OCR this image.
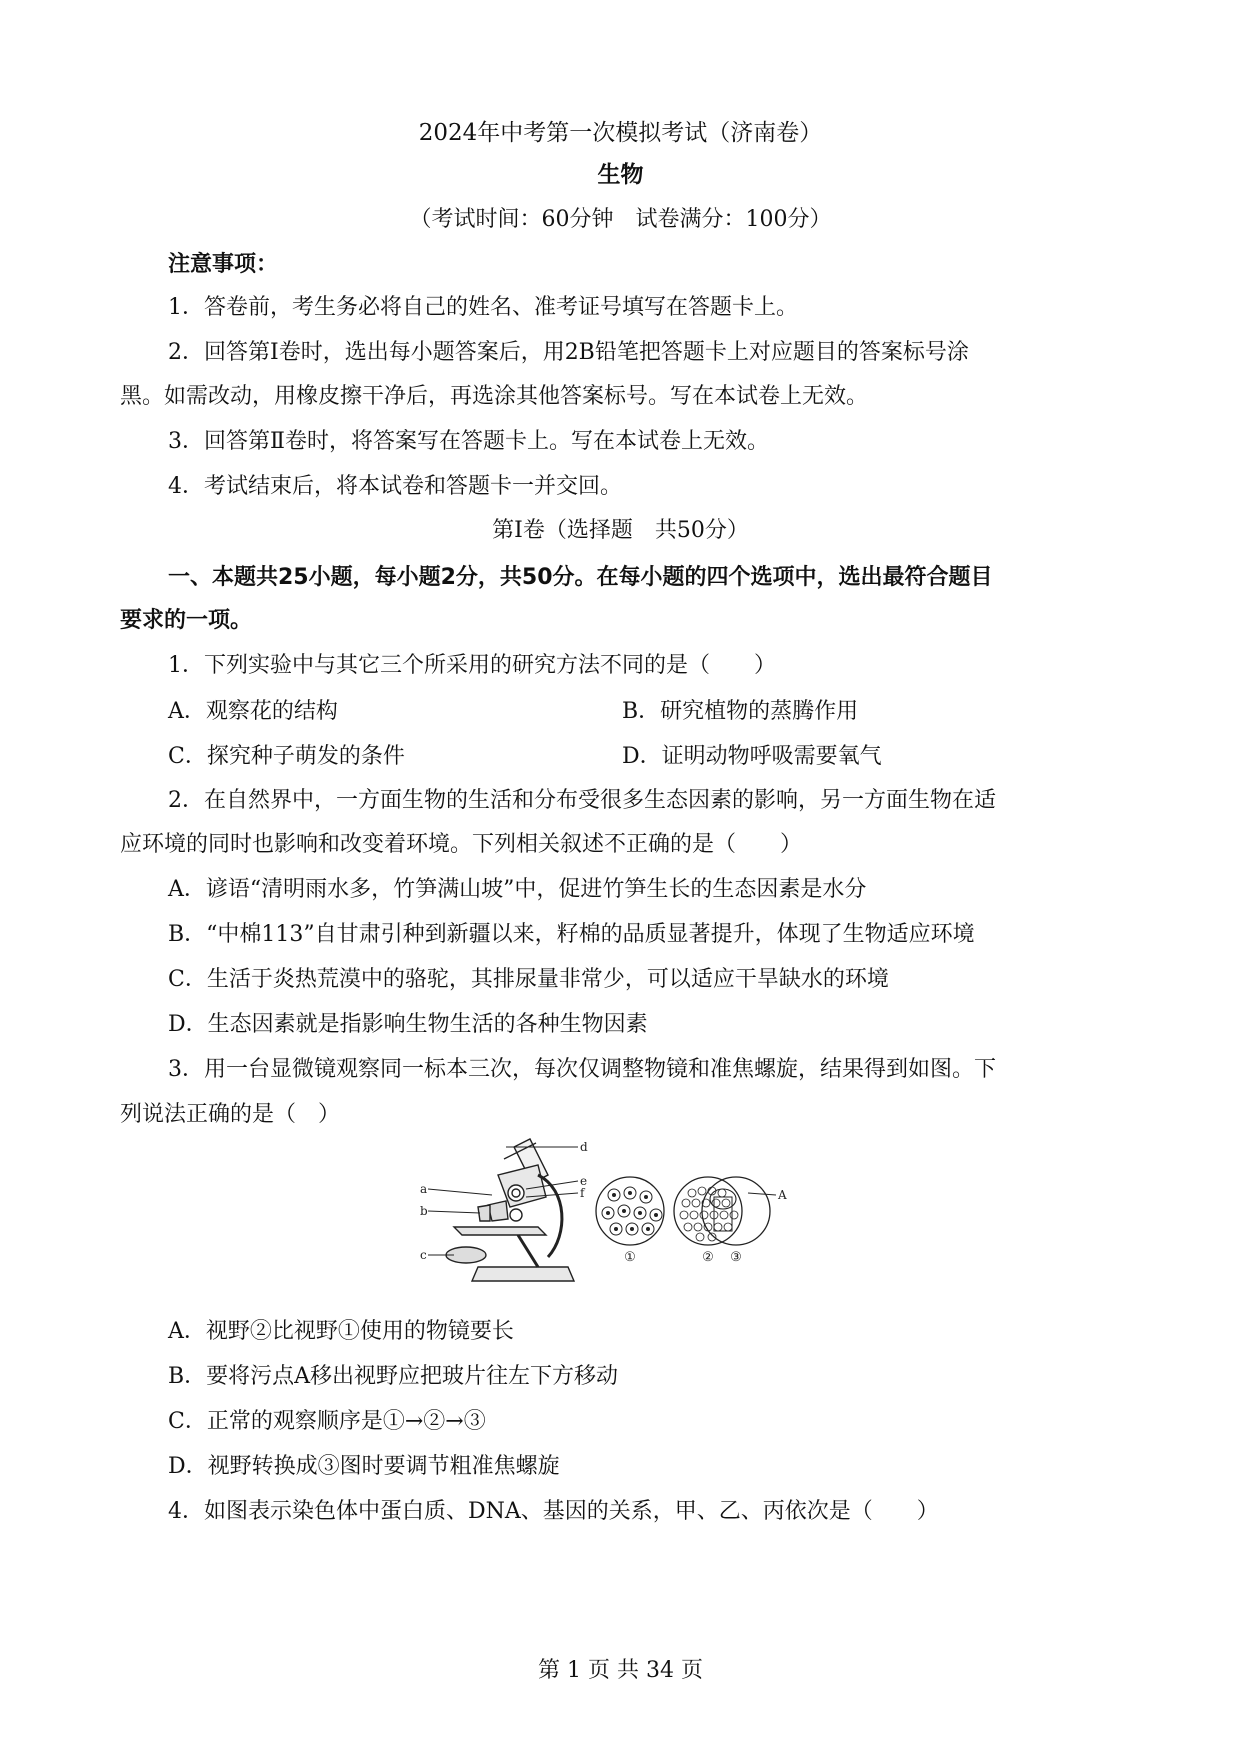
2024年中考第一次模拟考试（济南卷）
生物
（考试时间：60分钟　试卷满分：100分）
注意事项：
1．答卷前，考生务必将自己的姓名、准考证号填写在答题卡上。
2．回答第Ⅰ卷时，选出每小题答案后，用2B铅笔把答题卡上对应题目的答案标号涂
黑。如需改动，用橡皮擦干净后，再选涂其他答案标号。写在本试卷上无效。
3．回答第Ⅱ卷时，将答案写在答题卡上。写在本试卷上无效。
4．考试结束后，将本试卷和答题卡一并交回。
第Ⅰ卷（选择题　共50分）
一、本题共25小题，每小题2分，共50分。在每小题的四个选项中，选出最符合题目
要求的一项。
1．下列实验中与其它三个所采用的研究方法不同的是（　　）
A．观察花的结构	B．研究植物的蒸腾作用
C．探究种子萌发的条件	D．证明动物呼吸需要氧气
2．在自然界中，一方面生物的生活和分布受很多生态因素的影响，另一方面生物在适
应环境的同时也影响和改变着环境。下列相关叙述不正确的是（　　）
A．谚语“清明雨水多，竹笋满山坡”中，促进竹笋生长的生态因素是水分
B．“中棉113”自甘肃引种到新疆以来，籽棉的品质显著提升，体现了生物适应环境
C．生活于炎热荒漠中的骆驼，其排尿量非常少，可以适应干旱缺水的环境
D．生态因素就是指影响生物生活的各种生物因素
3．用一台显微镜观察同一标本三次，每次仅调整物镜和准焦螺旋，结果得到如图。下
列说法正确的是（　）
d
a
b
c
e
f	A
①	② ③
A．视野②比视野①使用的物镜要长
B．要将污点A移出视野应把玻片往左下方移动
C．正常的观察顺序是①→②→③
D．视野转换成③图时要调节粗准焦螺旋
4．如图表示染色体中蛋白质、DNA、基因的关系，甲、乙、丙依次是（　　）
第 1 页 共 34 页
